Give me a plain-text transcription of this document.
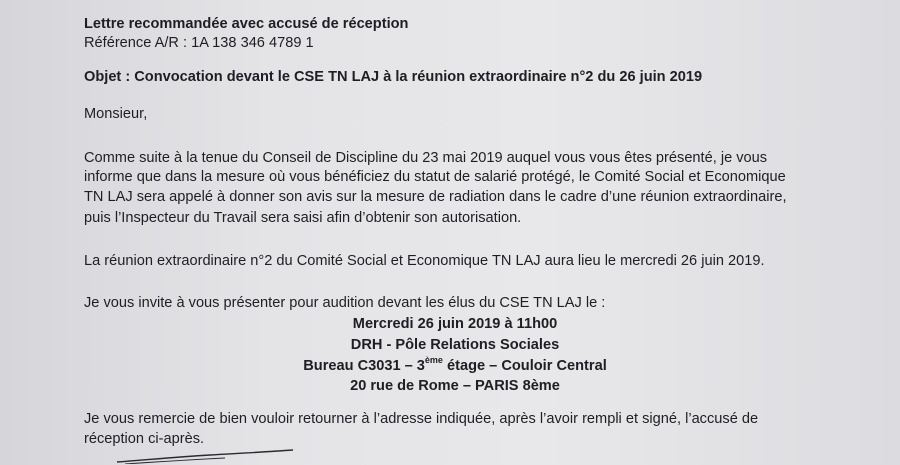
Lettre recommandée avec accusé de réception
Référence A/R : 1A 138 346 4789 1
Objet : Convocation devant le CSE TN LAJ à la réunion extraordinaire n°2 du 26 juin 2019
Monsieur,
Comme suite à la tenue du Conseil de Discipline du 23 mai 2019 auquel vous vous êtes présenté, je vous
informe que dans la mesure où vous bénéficiez du statut de salarié protégé, le Comité Social et Economique
TN LAJ sera appelé à donner son avis sur la mesure de radiation dans le cadre d’une réunion extraordinaire,
puis l’Inspecteur du Travail sera saisi afin d’obtenir son autorisation.
La réunion extraordinaire n°2 du Comité Social et Economique TN LAJ aura lieu le mercredi 26 juin 2019.
Je vous invite à vous présenter pour audition devant les élus du CSE TN LAJ le :
Mercredi 26 juin 2019 à 11h00
DRH - Pôle Relations Sociales
Bureau C3031 – 3ème étage – Couloir Central
20 rue de Rome – PARIS 8ème
Je vous remercie de bien vouloir retourner à l’adresse indiquée, après l’avoir rempli et signé, l’accusé de
réception ci-après.
